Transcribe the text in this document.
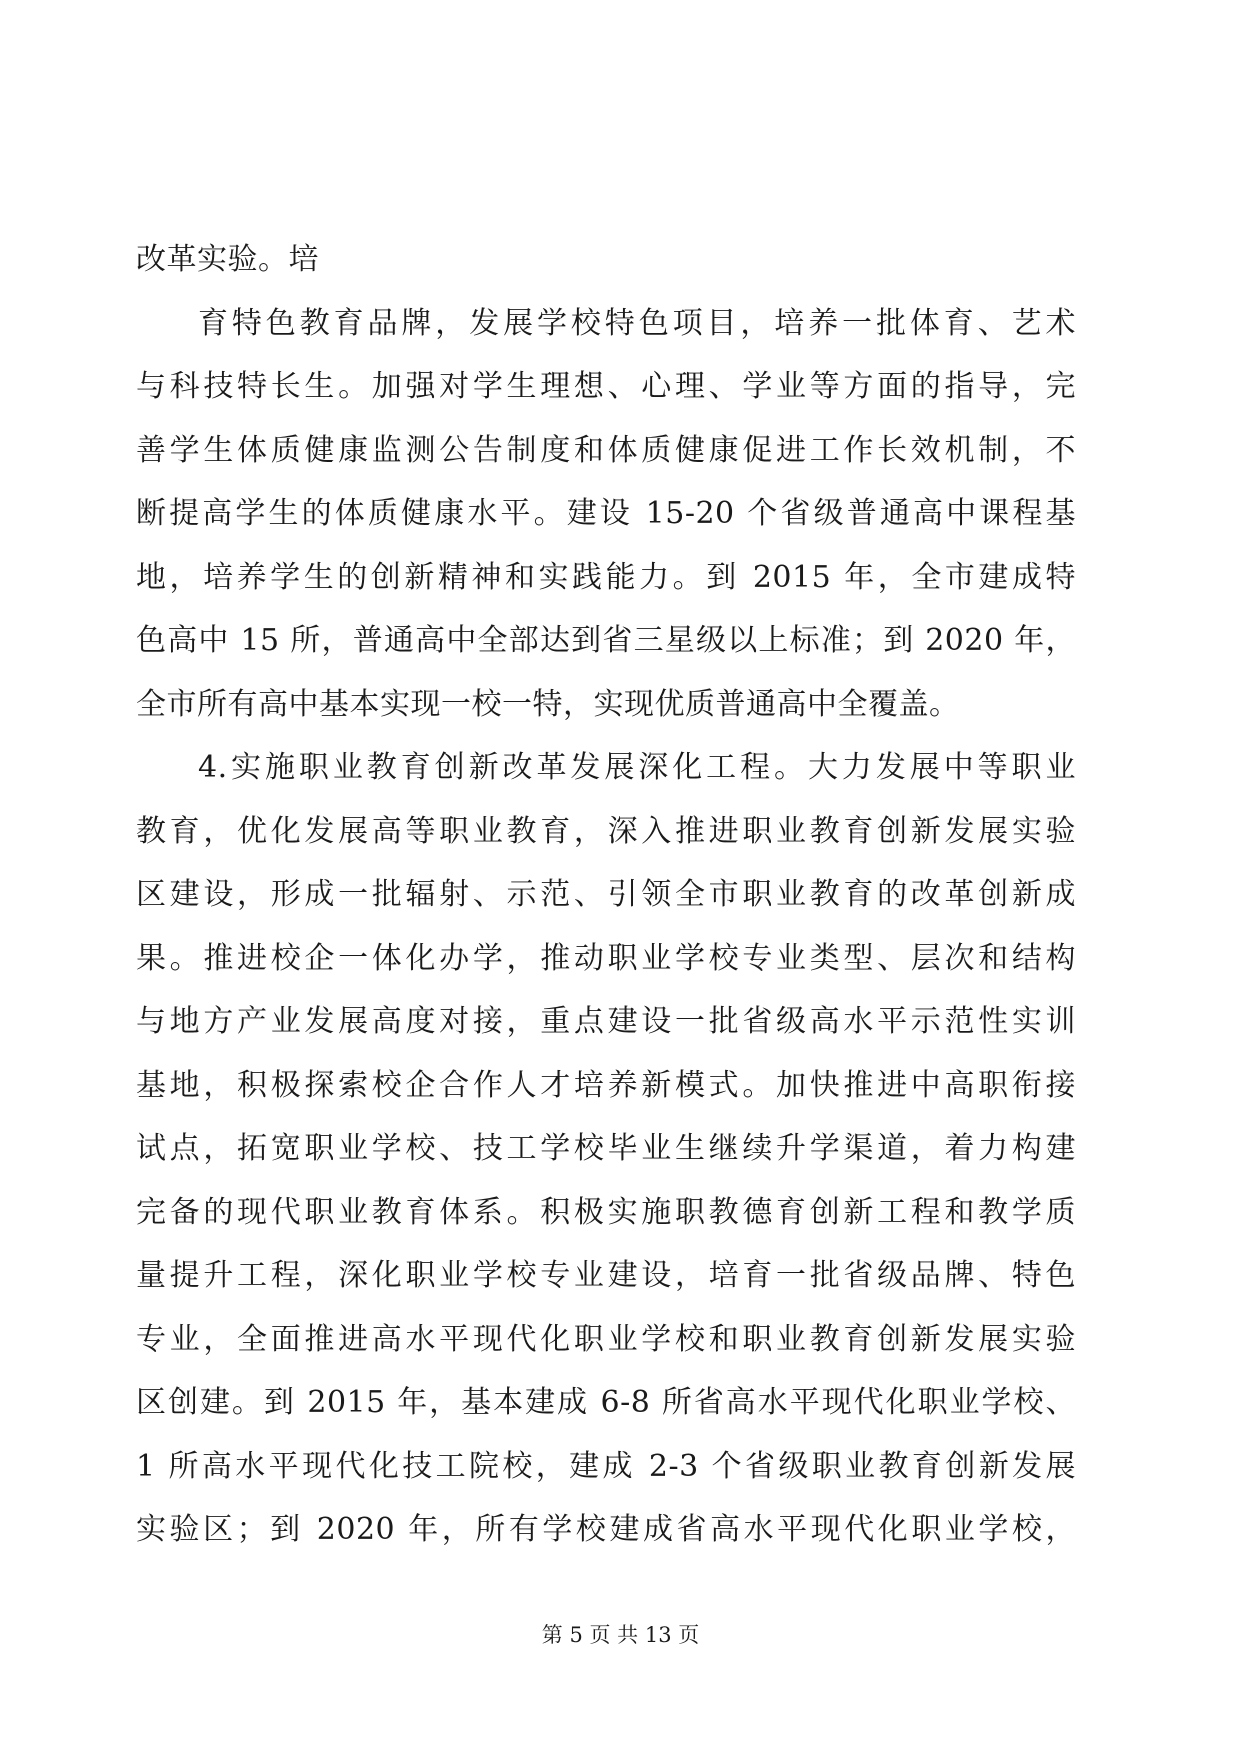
改革实验。培
育特色教育品牌，发展学校特色项目，培养一批体育、艺术
与科技特长生。加强对学生理想、心理、学业等方面的指导，完
善学生体质健康监测公告制度和体质健康促进工作长效机制，不
断提高学生的体质健康水平。建设 15-20 个省级普通高中课程基
地，培养学生的创新精神和实践能力。到 2015 年，全市建成特
色高中 15 所，普通高中全部达到省三星级以上标准；到 2020 年，
全市所有高中基本实现一校一特，实现优质普通高中全覆盖。
4.实施职业教育创新改革发展深化工程。大力发展中等职业
教育，优化发展高等职业教育，深入推进职业教育创新发展实验
区建设，形成一批辐射、示范、引领全市职业教育的改革创新成
果。推进校企一体化办学，推动职业学校专业类型、层次和结构
与地方产业发展高度对接，重点建设一批省级高水平示范性实训
基地，积极探索校企合作人才培养新模式。加快推进中高职衔接
试点，拓宽职业学校、技工学校毕业生继续升学渠道，着力构建
完备的现代职业教育体系。积极实施职教德育创新工程和教学质
量提升工程，深化职业学校专业建设，培育一批省级品牌、特色
专业，全面推进高水平现代化职业学校和职业教育创新发展实验
区创建。到 2015 年，基本建成 6-8 所省高水平现代化职业学校、
1 所高水平现代化技工院校，建成 2-3 个省级职业教育创新发展
实验区；到 2020 年，所有学校建成省高水平现代化职业学校，
第 5 页 共 13 页
